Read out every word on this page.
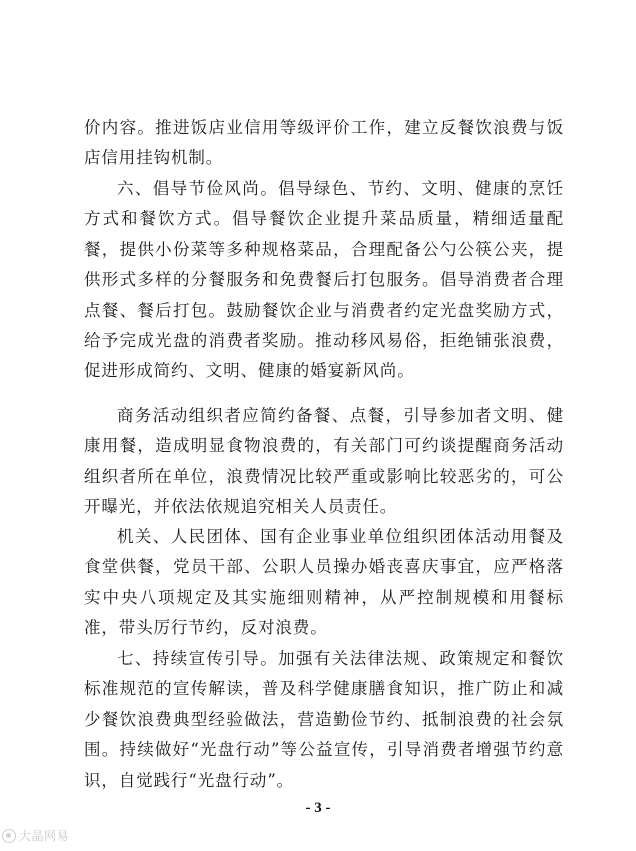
价内容。推进饭店业信用等级评价工作，建立反餐饮浪费与饭店信用挂钩机制。
六、倡导节俭风尚。倡导绿色、节约、文明、健康的烹饪方式和餐饮方式。倡导餐饮企业提升菜品质量，精细适量配餐，提供小份菜等多种规格菜品，合理配备公勺公筷公夹，提供形式多样的分餐服务和免费餐后打包服务。倡导消费者合理点餐、餐后打包。鼓励餐饮企业与消费者约定光盘奖励方式，给予完成光盘的消费者奖励。推动移风易俗，拒绝铺张浪费，促进形成简约、文明、健康的婚宴新风尚。
商务活动组织者应简约备餐、点餐，引导参加者文明、健康用餐，造成明显食物浪费的，有关部门可约谈提醒商务活动组织者所在单位，浪费情况比较严重或影响比较恶劣的，可公开曝光，并依法依规追究相关人员责任。
机关、人民团体、国有企业事业单位组织团体活动用餐及食堂供餐，党员干部、公职人员操办婚丧喜庆事宜，应严格落实中央八项规定及其实施细则精神，从严控制规模和用餐标准，带头厉行节约，反对浪费。
七、持续宣传引导。加强有关法律法规、政策规定和餐饮标准规范的宣传解读，普及科学健康膳食知识，推广防止和减少餐饮浪费典型经验做法，营造勤俭节约、抵制浪费的社会氛围。持续做好“光盘行动”等公益宣传，引导消费者增强节约意识，自觉践行“光盘行动”。
- 3 -
大晶网易
